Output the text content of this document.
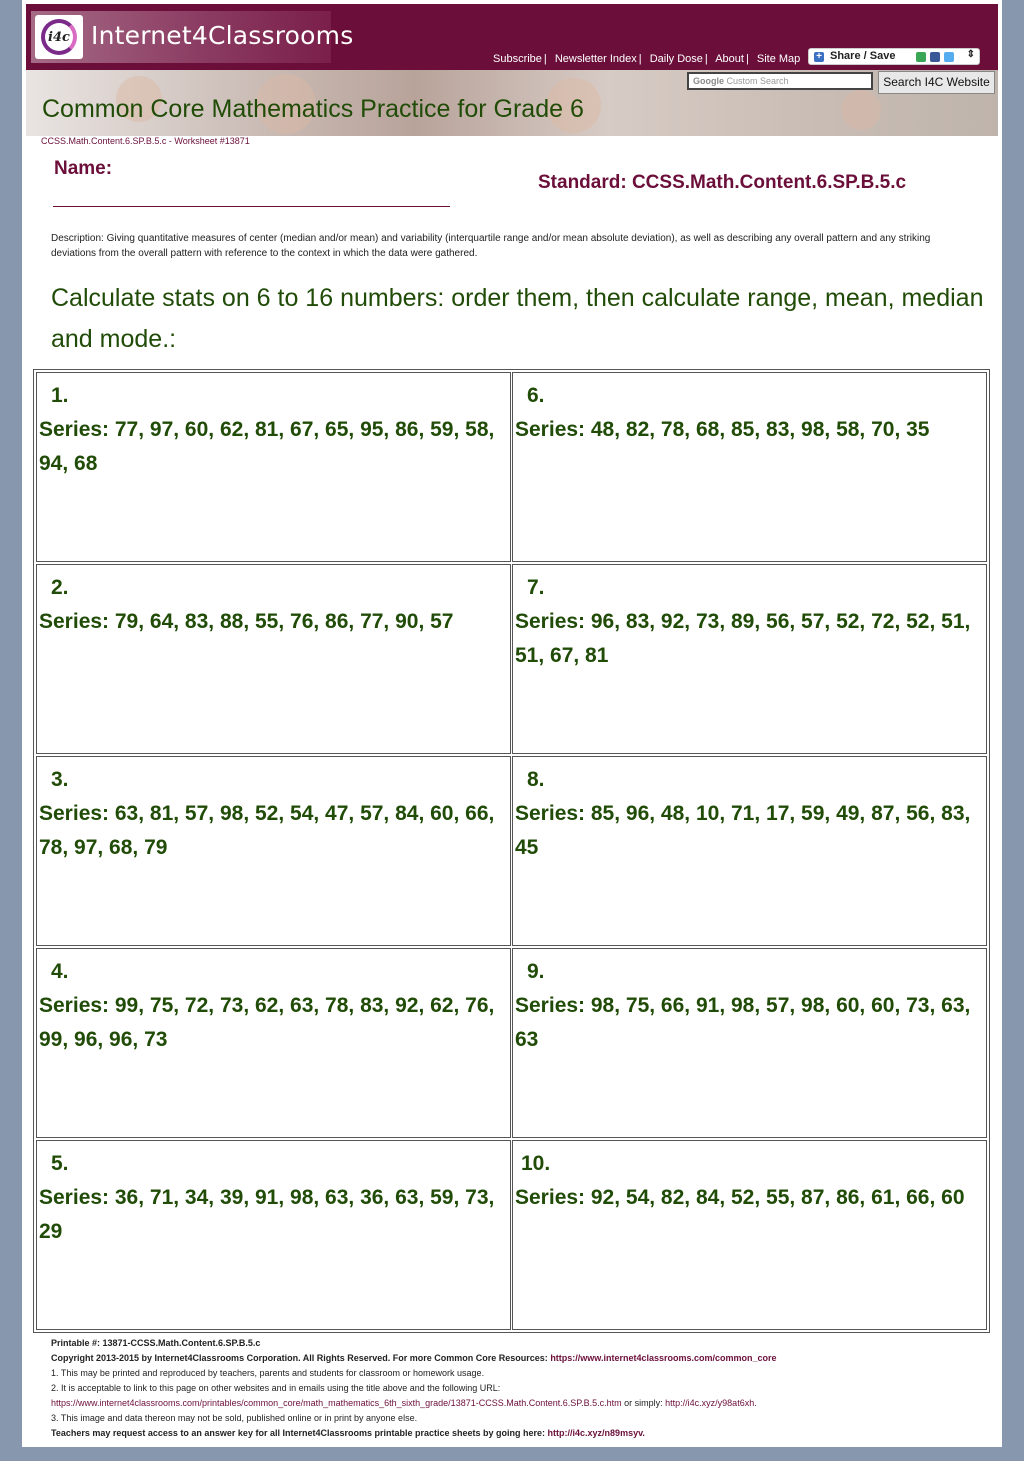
i4c Internet4Classrooms
Subscribe | Newsletter Index | Daily Dose | About | Site Map + Share / Save	⇕
Google Custom Search	Search I4C Website
Common Core Mathematics Practice for Grade 6
CCSS.Math.Content.6.SP.B.5.c - Worksheet #13871
Name:
Standard: CCSS.Math.Content.6.SP.B.5.c
Description: Giving quantitative measures of center (median and/or mean) and variability (interquartile range and/or mean absolute deviation), as well as describing any overall pattern and any striking deviations from the overall pattern with reference to the context in which the data were gathered.
Calculate stats on 6 to 16 numbers: order them, then calculate range, mean, median and mode.:
1.
Series: 77, 97, 60, 62, 81, 67, 65, 95, 86, 59, 58, 94, 68
6.
Series: 48, 82, 78, 68, 85, 83, 98, 58, 70, 35
2.
Series: 79, 64, 83, 88, 55, 76, 86, 77, 90, 57
7.
Series: 96, 83, 92, 73, 89, 56, 57, 52, 72, 52, 51, 51, 67, 81
3.
Series: 63, 81, 57, 98, 52, 54, 47, 57, 84, 60, 66, 78, 97, 68, 79
8.
Series: 85, 96, 48, 10, 71, 17, 59, 49, 87, 56, 83, 45
4.
Series: 99, 75, 72, 73, 62, 63, 78, 83, 92, 62, 76, 99, 96, 96, 73
9.
Series: 98, 75, 66, 91, 98, 57, 98, 60, 60, 73, 63, 63
5.
Series: 36, 71, 34, 39, 91, 98, 63, 36, 63, 59, 73, 29
10.
Series: 92, 54, 82, 84, 52, 55, 87, 86, 61, 66, 60
Printable #: 13871-CCSS.Math.Content.6.SP.B.5.c
Copyright 2013-2015 by Internet4Classrooms Corporation. All Rights Reserved. For more Common Core Resources: https://www.internet4classrooms.com/common_core
1. This may be printed and reproduced by teachers, parents and students for classroom or homework usage.
2. It is acceptable to link to this page on other websites and in emails using the title above and the following URL:
https://www.internet4classrooms.com/printables/common_core/math_mathematics_6th_sixth_grade/13871-CCSS.Math.Content.6.SP.B.5.c.htm or simply: http://i4c.xyz/y98at6xh.
3. This image and data thereon may not be sold, published online or in print by anyone else.
Teachers may request access to an answer key for all Internet4Classrooms printable practice sheets by going here: http://i4c.xyz/n89msyv.
